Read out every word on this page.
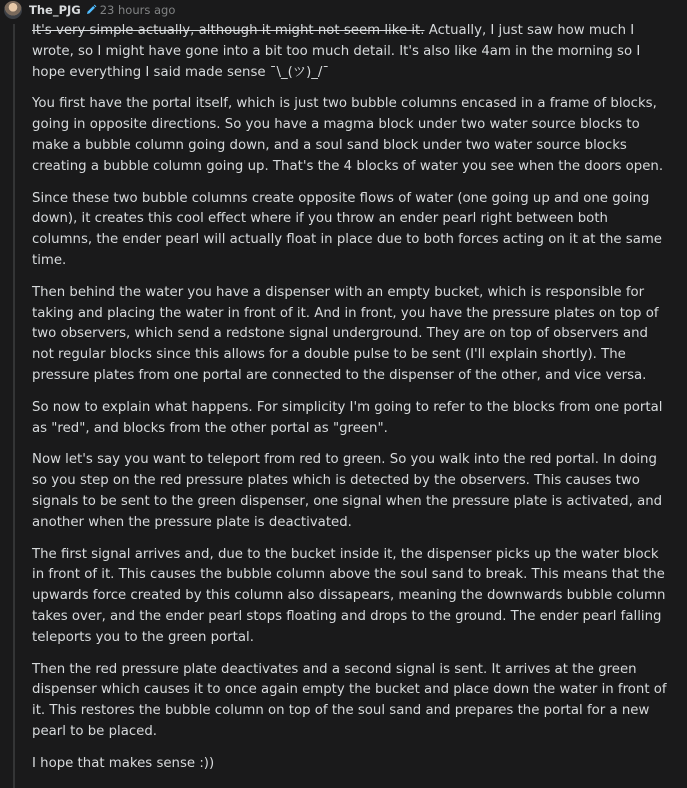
The_PJG 23 hours ago

It's very simple actually, although it might not seem like it. Actually, I just saw how much I wrote, so I might have gone into a bit too much detail. It's also like 4am in the morning so I hope everything I said made sense ¯\_(ツ)_/¯

You first have the portal itself, which is just two bubble columns encased in a frame of blocks, going in opposite directions. So you have a magma block under two water source blocks to make a bubble column going down, and a soul sand block under two water source blocks creating a bubble column going up. That's the 4 blocks of water you see when the doors open.

Since these two bubble columns create opposite flows of water (one going up and one going down), it creates this cool effect where if you throw an ender pearl right between both columns, the ender pearl will actually float in place due to both forces acting on it at the same time.

Then behind the water you have a dispenser with an empty bucket, which is responsible for taking and placing the water in front of it. And in front, you have the pressure plates on top of two observers, which send a redstone signal underground. They are on top of observers and not regular blocks since this allows for a double pulse to be sent (I'll explain shortly). The pressure plates from one portal are connected to the dispenser of the other, and vice versa.

So now to explain what happens. For simplicity I'm going to refer to the blocks from one portal as "red", and blocks from the other portal as "green".

Now let's say you want to teleport from red to green. So you walk into the red portal. In doing so you step on the red pressure plates which is detected by the observers. This causes two signals to be sent to the green dispenser, one signal when the pressure plate is activated, and another when the pressure plate is deactivated.

The first signal arrives and, due to the bucket inside it, the dispenser picks up the water block in front of it. This causes the bubble column above the soul sand to break. This means that the upwards force created by this column also dissapears, meaning the downwards bubble column takes over, and the ender pearl stops floating and drops to the ground. The ender pearl falling teleports you to the green portal.

Then the red pressure plate deactivates and a second signal is sent. It arrives at the green dispenser which causes it to once again empty the bucket and place down the water in front of it. This restores the bubble column on top of the soul sand and prepares the portal for a new pearl to be placed.

I hope that makes sense :))
